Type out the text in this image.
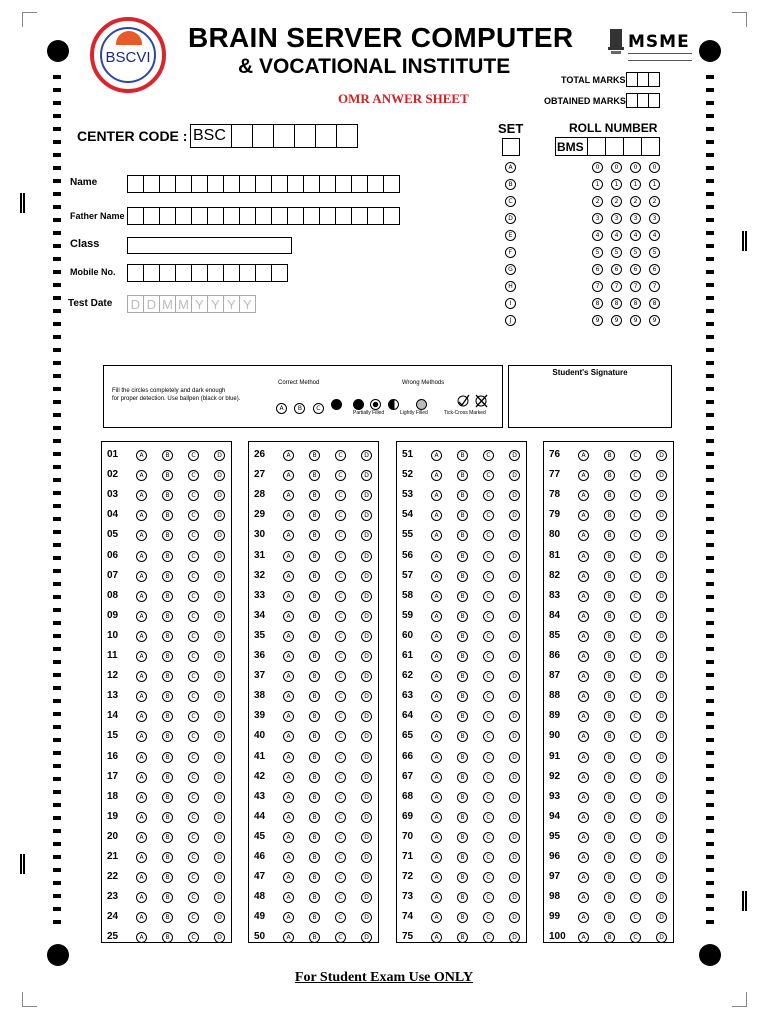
BSCVI
BRAIN SERVER COMPUTER
& VOCATIONAL INSTITUTE
OMR ANWER SHEET
MSME
TOTAL MARKS
OBTAINED MARKS
CENTER CODE : BSC
Name
Father Name
Class
Mobile No.
Test Date D D M M Y Y Y Y
SET
A
B
C
D
E
F
G
H
I
J
ROLL NUMBER
BMS
0
1
2
3
4
5
6
7
8
9
0
1
2
3
4
5
6
7
8
9
0
1
2
3
4
5
6
7
8
9
0
1
2
3
4
5
6
7
8
9
Fill the circles completely and dark enough
for proper detection. Use ballpen (black or blue).
Correct Method
A B C
Wrong Methods

Partially Filled	Lightly Filled	Tick-Cross Marked
Student's Signature
01	A	B	C	D
02	A	B	C	D
03	A	B	C	D
04	A	B	C	D
05	A	B	C	D
06	A	B	C	D
07	A	B	C	D
08	A	B	C	D
09	A	B	C	D
10	A	B	C	D
11	A	B	C	D
12	A	B	C	D
13	A	B	C	D
14	A	B	C	D
15	A	B	C	D
16	A	B	C	D
17	A	B	C	D
18	A	B	C	D
19	A	B	C	D
20	A	B	C	D
21	A	B	C	D
22	A	B	C	D
23	A	B	C	D
24	A	B	C	D
25	A	B	C	D
26	A	B	C	D
27	A	B	C	D
28	A	B	C	D
29	A	B	C	D
30	A	B	C	D
31	A	B	C	D
32	A	B	C	D
33	A	B	C	D
34	A	B	C	D
35	A	B	C	D
36	A	B	C	D
37	A	B	C	D
38	A	B	C	D
39	A	B	C	D
40	A	B	C	D
41	A	B	C	D
42	A	B	C	D
43	A	B	C	D
44	A	B	C	D
45	A	B	C	D
46	A	B	C	D
47	A	B	C	D
48	A	B	C	D
49	A	B	C	D
50	A	B	C	D
51	A	B	C	D
52	A	B	C	D
53	A	B	C	D
54	A	B	C	D
55	A	B	C	D
56	A	B	C	D
57	A	B	C	D
58	A	B	C	D
59	A	B	C	D
60	A	B	C	D
61	A	B	C	D
62	A	B	C	D
63	A	B	C	D
64	A	B	C	D
65	A	B	C	D
66	A	B	C	D
67	A	B	C	D
68	A	B	C	D
69	A	B	C	D
70	A	B	C	D
71	A	B	C	D
72	A	B	C	D
73	A	B	C	D
74	A	B	C	D
75	A	B	C	D
76	A	B	C	D
77	A	B	C	D
78	A	B	C	D
79	A	B	C	D
80	A	B	C	D
81	A	B	C	D
82	A	B	C	D
83	A	B	C	D
84	A	B	C	D
85	A	B	C	D
86	A	B	C	D
87	A	B	C	D
88	A	B	C	D
89	A	B	C	D
90	A	B	C	D
91	A	B	C	D
92	A	B	C	D
93	A	B	C	D
94	A	B	C	D
95	A	B	C	D
96	A	B	C	D
97	A	B	C	D
98	A	B	C	D
99	A	B	C	D
100	A	B	C	D
For Student Exam Use ONLY
